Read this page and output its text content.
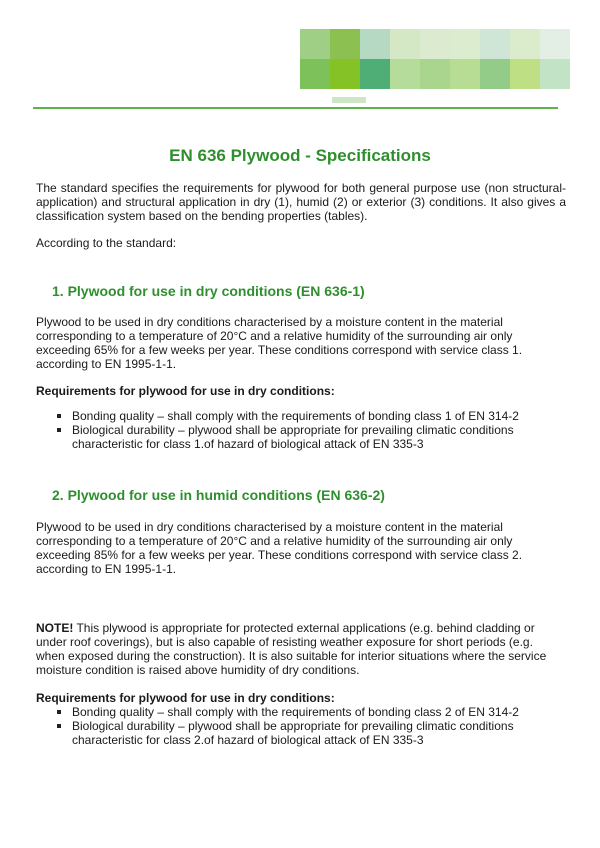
EN 636 Plywood - Specifications

The standard specifies the requirements for plywood for both general purpose use (non structural-application) and structural application in dry (1), humid (2) or exterior (3) conditions. It also gives a classification system based on the bending properties (tables).

According to the standard:

1. Plywood for use in dry conditions (EN 636-1)

Plywood to be used in dry conditions characterised by a moisture content in the material corresponding to a temperature of 20°C and a relative humidity of the surrounding air only exceeding 65% for a few weeks per year. These conditions correspond with service class 1. according to EN 1995-1-1.

Requirements for plywood for use in dry conditions:

Bonding quality – shall comply with the requirements of bonding class 1 of EN 314-2
Biological durability – plywood shall be appropriate for prevailing climatic conditions characteristic for class 1.of hazard of biological attack of EN 335-3
2. Plywood for use in humid conditions (EN 636-2)

Plywood to be used in dry conditions characterised by a moisture content in the material corresponding to a temperature of 20°C and a relative humidity of the surrounding air only exceeding 85% for a few weeks per year. These conditions correspond with service class 2. according to EN 1995-1-1.

NOTE! This plywood is appropriate for protected external applications (e.g. behind cladding or under roof coverings), but is also capable of resisting weather exposure for short periods (e.g. when exposed during the construction). It is also suitable for interior situations where the service moisture condition is raised above humidity of dry conditions.

Requirements for plywood for use in dry conditions:

Bonding quality – shall comply with the requirements of bonding class 2 of EN 314-2
Biological durability – plywood shall be appropriate for prevailing climatic conditions characteristic for class 2.of hazard of biological attack of EN 335-3
